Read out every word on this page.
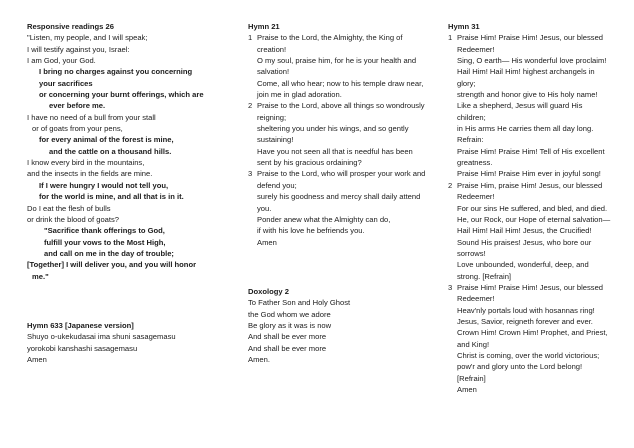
Responsive readings 26
"Listen, my people, and I will speak;
I will testify against you, Israel:
I am God, your God.
I bring no charges against you concerning
your sacrifices
or concerning your burnt offerings, which are
ever before me.
I have no need of a bull from your stall
or of goats from your pens,
for every animal of the forest is mine,
and the cattle on a thousand hills.
I know every bird in the mountains,
and the insects in the fields are mine.
If I were hungry I would not tell you,
for the world is mine, and all that is in it.
Do I eat the flesh of bulls
or drink the blood of goats?
"Sacrifice thank offerings to God,
fulfill your vows to the Most High,
and call on me in the day of trouble;
[Together] I will deliver you, and you will honor
me."
Hymn 633 [Japanese version]
Shuyo o-ukekudasai ima shuni sasagemasu
yorokobi kanshashi sasagemasu
Amen
Hymn 21
1 Praise to the Lord, the Almighty, the King of
creation!
O my soul, praise him, for he is your health and
salvation!
Come, all who hear; now to his temple draw near,
join me in glad adoration.
2 Praise to the Lord, above all things so wondrously
reigning;
sheltering you under his wings, and so gently
sustaining!
Have you not seen all that is needful has been
sent by his gracious ordaining?
3 Praise to the Lord, who will prosper your work and
defend you;
surely his goodness and mercy shall daily attend
you.
Ponder anew what the Almighty can do,
if with his love he befriends you.
Amen
Doxology 2
To Father Son and Holy Ghost
the God whom we adore
Be glory as it was is now
And shall be ever more
And shall be ever more
Amen.
Hymn 31
1 Praise Him! Praise Him! Jesus, our blessed
Redeemer!
Sing, O earth— His wonderful love proclaim!
Hail Him! Hail Him! highest archangels in
glory;
strength and honor give to His holy name!
Like a shepherd, Jesus will guard His
children;
in His arms He carries them all day long.
Refrain:
Praise Him! Praise Him! Tell of His excellent
greatness.
Praise Him! Praise Him ever in joyful song!
2 Praise Him, praise Him! Jesus, our blessed
Redeemer!
For our sins He suffered, and bled, and died.
He, our Rock, our Hope of eternal salvation—
Hail Him! Hail Him! Jesus, the Crucified!
Sound His praises! Jesus, who bore our
sorrows!
Love unbounded, wonderful, deep, and
strong. [Refrain]
3 Praise Him! Praise Him! Jesus, our blessed
Redeemer!
Heav'nly portals loud with hosannas ring!
Jesus, Savior, reigneth forever and ever.
Crown Him! Crown Him! Prophet, and Priest,
and King!
Christ is coming, over the world victorious;
pow'r and glory unto the Lord belong!
[Refrain]
Amen
